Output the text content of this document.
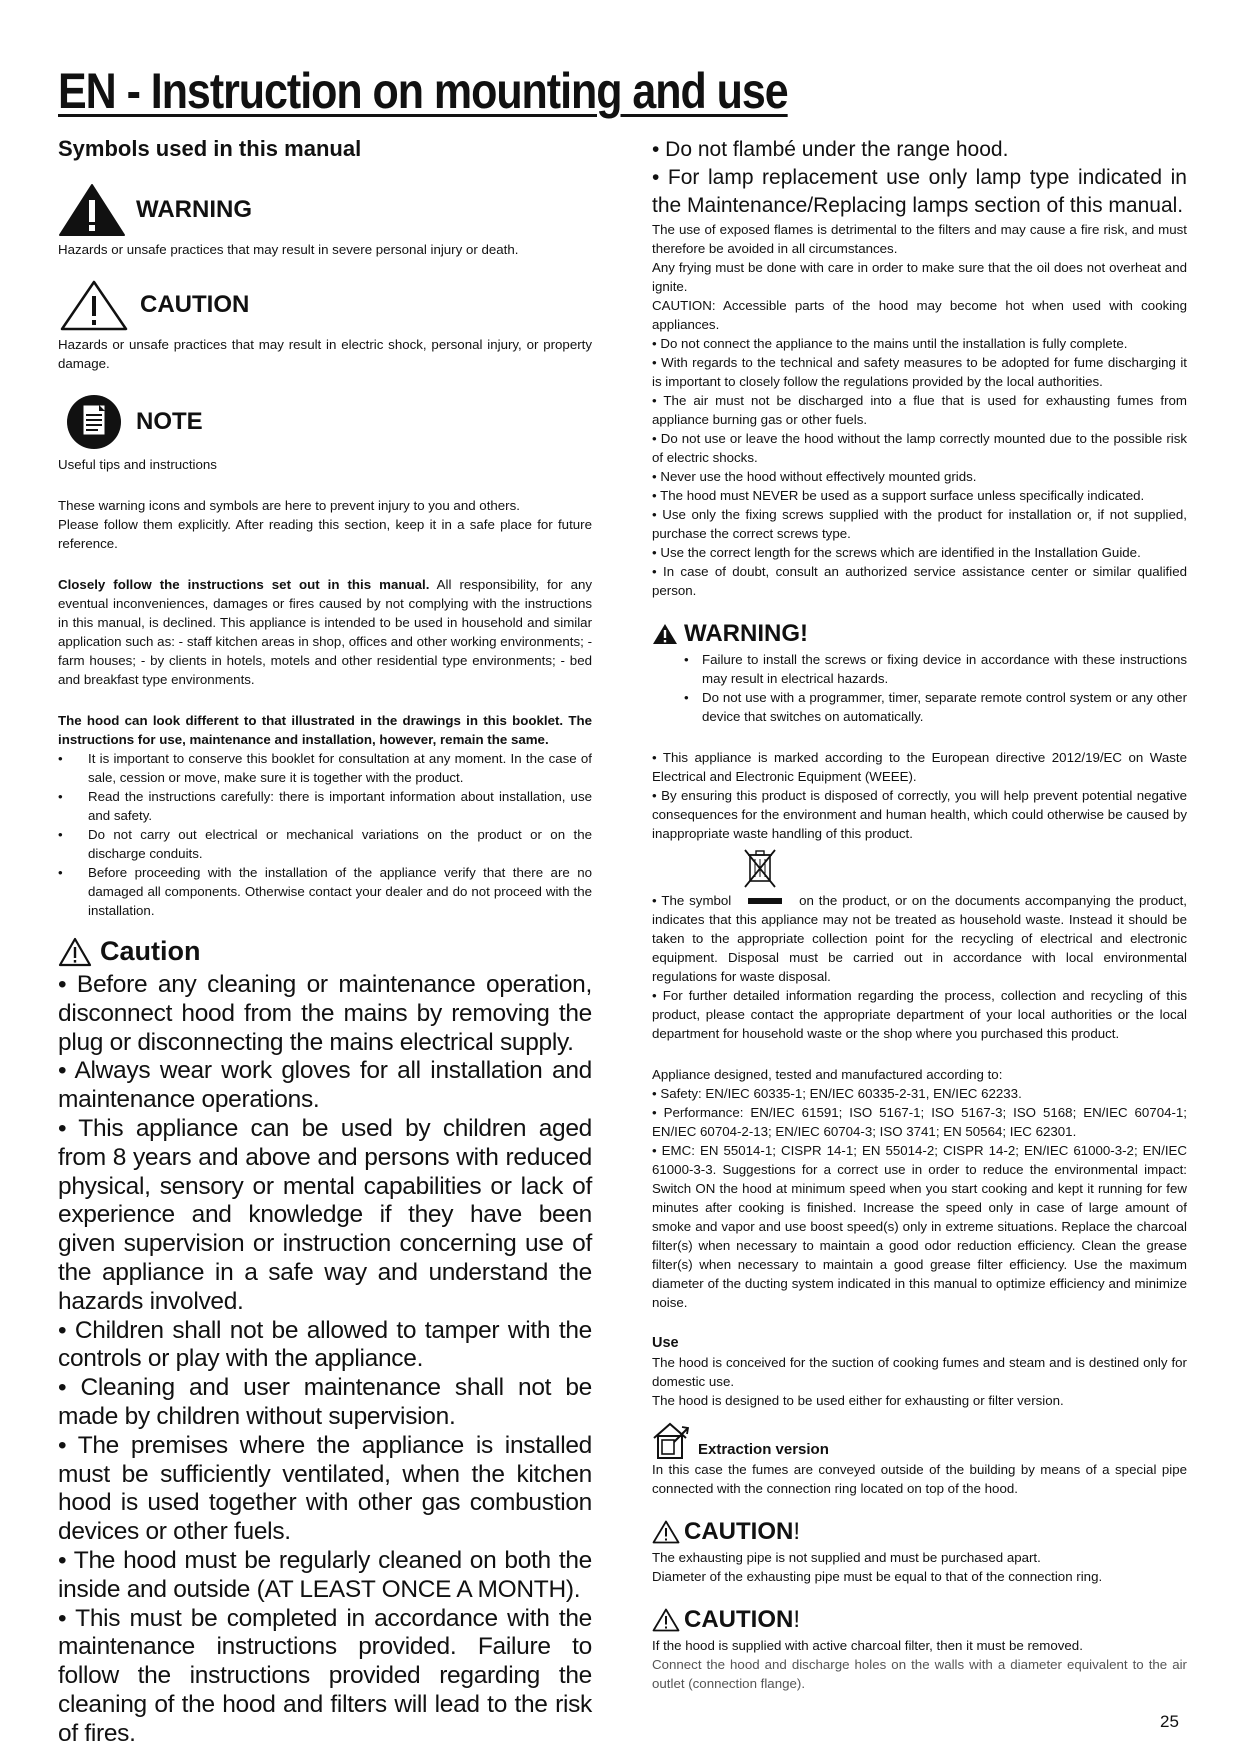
EN - Instruction on mounting and use
Symbols used in this manual
WARNING

Hazards or unsafe practices that may result in severe personal injury or death.

CAUTION

Hazards or unsafe practices that may result in electric shock, personal injury, or property damage.

NOTE

Useful tips and instructions

These warning icons and symbols are here to prevent injury to you and others.

Please follow them explicitly. After reading this section, keep it in a safe place for future reference.

Closely follow the instructions set out in this manual. All responsibility, for any eventual inconveniences, damages or fires caused by not complying with the instructions in this manual, is declined. This appliance is intended to be used in household and similar application such as: - staff kitchen areas in shop, offices and other working environments; - farm houses; - by clients in hotels, motels and other residential type environments; - bed and breakfast type environments.

The hood can look different to that illustrated in the drawings in this booklet. The instructions for use, maintenance and installation, however, remain the same.

• It is important to conserve this booklet for consultation at any moment. In the case of sale, cession or move, make sure it is together with the product.
• Read the instructions carefully: there is important information about installation, use and safety.
• Do not carry out electrical or mechanical variations on the product or on the discharge conduits.
• Before proceeding with the installation of the appliance verify that there are no damaged all components. Otherwise contact your dealer and do not proceed with the installation.
Caution

• Before any cleaning or maintenance operation, disconnect hood from the mains by removing the plug or disconnecting the mains electrical supply.

• Always wear work gloves for all installation and maintenance operations.

• This appliance can be used by children aged from 8 years and above and persons with reduced physical, sensory or mental capabilities or lack of experience and knowledge if they have been given supervision or instruction concerning use of the appliance in a safe way and understand the hazards involved.

• Children shall not be allowed to tamper with the controls or play with the appliance.

• Cleaning and user maintenance shall not be made by children without supervision.

• The premises where the appliance is installed must be sufficiently ventilated, when the kitchen hood is used together with other gas combustion devices or other fuels.

• The hood must be regularly cleaned on both the inside and outside (AT LEAST ONCE A MONTH).

• This must be completed in accordance with the maintenance instructions provided. Failure to follow the instructions provided regarding the cleaning of the hood and filters will lead to the risk of fires.

• Do not flambé under the range hood.

• For lamp replacement use only lamp type indicated in the Maintenance/Replacing lamps section of this manual.

The use of exposed flames is detrimental to the filters and may cause a fire risk, and must therefore be avoided in all circumstances.

Any frying must be done with care in order to make sure that the oil does not overheat and ignite.

CAUTION: Accessible parts of the hood may become hot when used with cooking appliances.

• Do not connect the appliance to the mains until the installation is fully complete.

• With regards to the technical and safety measures to be adopted for fume discharging it is important to closely follow the regulations provided by the local authorities.

• The air must not be discharged into a flue that is used for exhausting fumes from appliance burning gas or other fuels.

• Do not use or leave the hood without the lamp correctly mounted due to the possible risk of electric shocks.

• Never use the hood without effectively mounted grids.

• The hood must NEVER be used as a support surface unless specifically indicated.

• Use only the fixing screws supplied with the product for installation or, if not supplied, purchase the correct screws type.

• Use the correct length for the screws which are identified in the Installation Guide.

• In case of doubt, consult an authorized service assistance center or similar qualified person.

WARNING!
• Failure to install the screws or fixing device in accordance with these instructions may result in electrical hazards.
• Do not use with a programmer, timer, separate remote control system or any other device that switches on automatically.

• This appliance is marked according to the European directive 2012/19/EC on Waste Electrical and Electronic Equipment (WEEE).

• By ensuring this product is disposed of correctly, you will help prevent potential negative consequences for the environment and human health, which could otherwise be caused by inappropriate waste handling of this product.

• The symbol	on the product, or on the documents accompanying the product, indicates that this appliance may not be treated as household waste. Instead it should be taken to the appropriate collection point for the recycling of electrical and electronic equipment. Disposal must be carried out in accordance with local environmental regulations for waste disposal.

• For further detailed information regarding the process, collection and recycling of this product, please contact the appropriate department of your local authorities or the local department for household waste or the shop where you purchased this product.

Appliance designed, tested and manufactured according to:

• Safety: EN/IEC 60335-1; EN/IEC 60335-2-31, EN/IEC 62233.

• Performance: EN/IEC 61591; ISO 5167-1; ISO 5167-3; ISO 5168; EN/IEC 60704-1; EN/IEC 60704-2-13; EN/IEC 60704-3; ISO 3741; EN 50564; IEC 62301.

• EMC: EN 55014-1; CISPR 14-1; EN 55014-2; CISPR 14-2; EN/IEC 61000-3-2; EN/IEC 61000-3-3. Suggestions for a correct use in order to reduce the environmental impact: Switch ON the hood at minimum speed when you start cooking and kept it running for few minutes after cooking is finished. Increase the speed only in case of large amount of smoke and vapor and use boost speed(s) only in extreme situations. Replace the charcoal filter(s) when necessary to maintain a good odor reduction efficiency. Clean the grease filter(s) when necessary to maintain a good grease filter efficiency. Use the maximum diameter of the ducting system indicated in this manual to optimize efficiency and minimize noise.

Use

The hood is conceived for the suction of cooking fumes and steam and is destined only for domestic use.

The hood is designed to be used either for exhausting or filter version.

Extraction version

In this case the fumes are conveyed outside of the building by means of a special pipe connected with the connection ring located on top of the hood.

CAUTION !

The exhausting pipe is not supplied and must be purchased apart.

Diameter of the exhausting pipe must be equal to that of the connection ring.

CAUTION !

If the hood is supplied with active charcoal filter, then it must be removed.

Connect the hood and discharge holes on the walls with a diameter equivalent to the air outlet (connection flange).

25
